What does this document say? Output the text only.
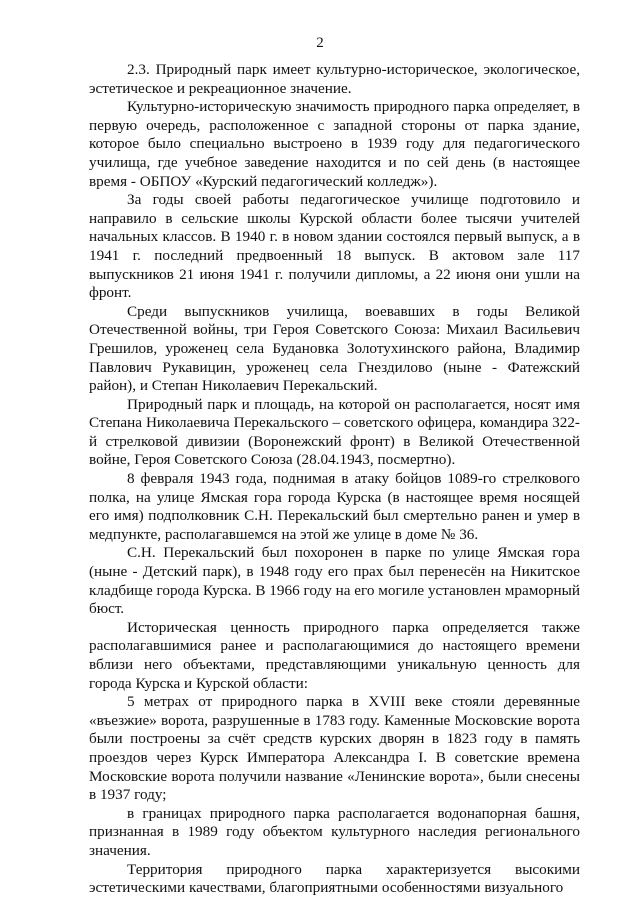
2

2.3. Природный парк имеет культурно-историческое, экологическое, эстетическое и рекреационное значение.

Культурно-историческую значимость природного парка определяет, в первую очередь, расположенное с западной стороны от парка здание, которое было специально выстроено в 1939 году для педагогического училища, где учебное заведение находится и по сей день (в настоящее время - ОБПОУ «Курский педагогический колледж»).

За годы своей работы педагогическое училище подготовило и направило в сельские школы Курской области более тысячи учителей начальных классов. В 1940 г. в новом здании состоялся первый выпуск, а в 1941 г. последний предвоенный 18 выпуск. В актовом зале 117 выпускников 21 июня 1941 г. получили дипломы, а 22 июня они ушли на фронт.

Среди выпускников училища, воевавших в годы Великой Отечественной войны, три Героя Советского Союза: Михаил Васильевич Грешилов, уроженец села Будановка Золотухинского района, Владимир Павлович Рукавицин, уроженец села Гнездилово (ныне - Фатежский район), и Степан Николаевич Перекальский.

Природный парк и площадь, на которой он располагается, носят имя Степана Николаевича Перекальского – советского офицера, командира 322-й стрелковой дивизии (Воронежский фронт) в Великой Отечественной войне, Героя Советского Союза (28.04.1943, посмертно).

8 февраля 1943 года, поднимая в атаку бойцов 1089-го стрелкового полка, на улице Ямская гора города Курска (в настоящее время носящей его имя) подполковник С.Н. Перекальский был смертельно ранен и умер в медпункте, располагавшемся на этой же улице в доме № 36.

С.Н. Перекальский был похоронен в парке по улице Ямская гора (ныне - Детский парк), в 1948 году его прах был перенесён на Никитское кладбище города Курска. В 1966 году на его могиле установлен мраморный бюст.

Историческая ценность природного парка определяется также располагавшимися ранее и располагающимися до настоящего времени вблизи него объектами, представляющими уникальную ценность для города Курска и Курской области:

5 метрах от природного парка в XVIII веке стояли деревянные «въезжие» ворота, разрушенные в 1783 году. Каменные Московские ворота были построены за счёт средств курских дворян в 1823 году в память проездов через Курск Императора Александра I. В советские времена Московские ворота получили название «Ленинские ворота», были снесены в 1937 году;

в границах природного парка располагается водонапорная башня, признанная в 1989 году объектом культурного наследия регионального значения.

Территория природного парка характеризуется высокими эстетическими качествами, благоприятными особенностями визуального
